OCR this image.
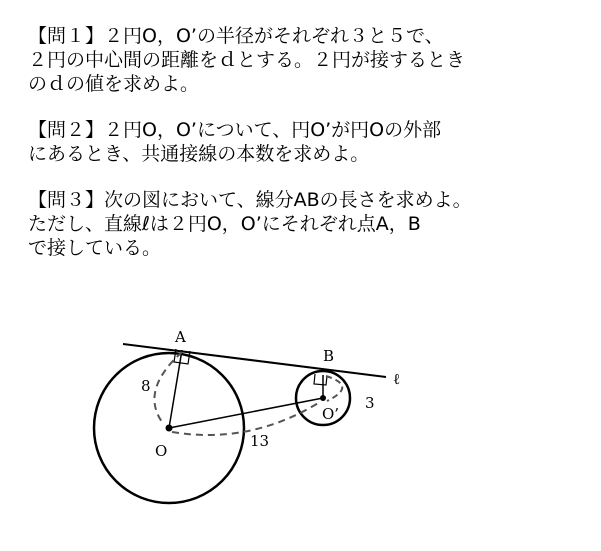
【問１】２円O，O’の半径がそれぞれ３と５で、

２円の中心間の距離をｄとする。２円が接するとき

のｄの値を求めよ。

【問２】２円O，O’について、円O’が円Oの外部

にあるとき、共通接線の本数を求めよ。

【問３】次の図において、線分ABの長さを求めよ。

ただし、直線ℓは２円O，O’にそれぞれ点A，B

で接している。

A
B
O
O’
ℓ
8
3
13
